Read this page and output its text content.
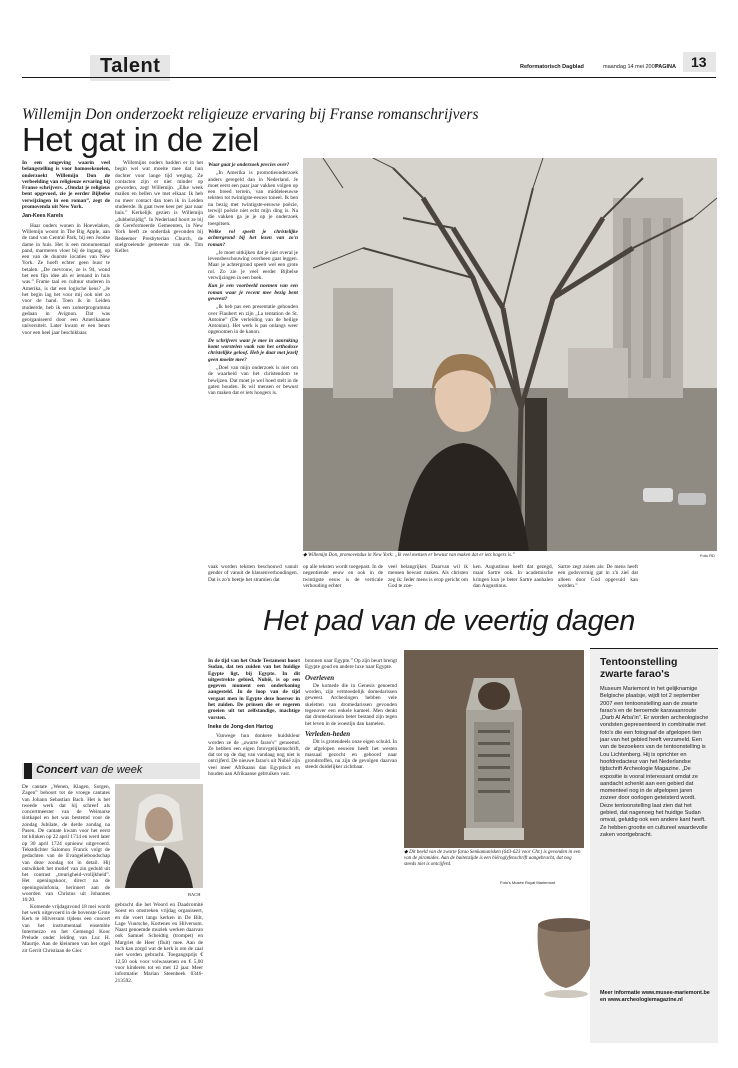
Talent	Reformatorisch Dagblad	maandag 14 mei 2007
PAGINA 13
Willemijn Don onderzoekt religieuze ervaring bij Franse romanschrijvers
Het gat in de ziel

In een omgeving waarin veel belangstelling is voor homoseksuelen, onderzoekt Willemijn Don de verbeelding van religieuze ervaring bij Franse schrijvers. „Omdat je religieus bent opgevoed, zie je eerder Bijbelse verwijzingen in een roman”, zegt de promovenda uit New York.

Jan-Kees Karels

Haar ouders wonen in Hoevelaken, Willemijn woont in The Big Apple, aan de rand van Central Park, bij een Joodse dame in huis. Het is een monumentaal pand, marmeren vloer bij de ingang, op een van de duurste locaties van New York. Ze hoeft echter geen huur te betalen. „De mevrouw, ze is 94, wond het een fijn idee als er iemand in huis was.” Frame taal en cultuur studeren in Amerika, is dat een logische keus? „Je het begin lag het voor mij ook niet zo voor de hand. Toen ik in Leiden studeerde, heb ik een zomerprogramma gedaan in Avignon. Dat was georganiseerd door een Amerikaanse universiteit. Later kwam er een beurs voor een heel jaar beschikbaar.

Willemijns ouders hadden er in het begin wel wat moeite mee dat hun dochter voor lange tijd weging. Ze contacten zijn er niet minder op geworden, zegt Willemijn. „Elke week mailen en bellen we met elkaar. Ik heb nu meer contact dan toen ik in Leiden studeerde. Ik gaat twee keer per jaar naar huis.” Kerkelijk gezien is Willemijn „dubbelzijdig”. In Nederland hoort ze bij de Gereformeerde Gemeenten, in New York heeft ze onderdak gevonden bij Redeemer Presbyterian Church, de snelgroeiende gemeente van de. Tim Keller.

Waar gaat je onderzoek precies over?

„In Amerika is promotieonderzoek anders geregeld dan in Nederland. Je moet eerst een paar jaar vakken volgen op een breed terrein, van middeleeuwse teksten tot twintigste-eeuws toneel. Ik ben nu bezig met twintigste-eeuwse poëzie, terwijl poëzie niet echt mijn ding is. Na die vakken ga je je op je onderzoek toespitsen.

Welke rol speelt je christelijke achtergrond bij het lezen van zo'n roman?

„Je moet uitkijken dat je niet overal je levensbeschouwing overheen gaat leggen. Maar je achtergrond speelt wel een grote rol. Zo zie je veel eerder Bijbelse verwijzingen in een boek.

Kun je een voorbeeld noemen van een roman waar je recent mee bezig bent geweest?

„Ik heb pas een presentatie gehouden over Flaubert en zijn „La tentation de St. Antoine” (De verleiding van de heilige Antonius). Het werk is pas onlangs weer opgenomen in de kanon.

De schrijvers waar je mee in aanraking komt worstelen vaak van het orthodoxe christelijke geloof. Heb je daar met jezelf geen moeite mee?

„Doel van mijn onderzoek is niet om de waarheid van het christendom te bewijzen. Dat moet je wel hoed stelt in de gaten houden. Ik wil mensen er bewust van maken dat er iets hoogers is.

◆ Willemijn Don, promovendus in New York: „Ik veel mensen er bewust van maken dat er iets hogers is.”	Foto RD
vaak worden teksten beschouwd vanuit gender of vanuit de klassenverhoudingen. Dat is zo'n beetje het stramien dat
op alle teksten wordt toegepast. In de negentiende eeuw en ook in de twintigste eeuw is de verticale verhouding echter
veel belangrijker. Daarvan wil ik mensen bewust maken. Als christen zeg ik: Ieder mens is erop gericht om God te zoe-
ken. Augustinus heeft dat gezegd, maar Sartre ook. In academische kringen kun je beter Sartre aanhalen dan Augustinus.
Sartre zegt zoiets als: De mens heeft een godsvormig gat in z'n ziel dat alleen door God opgevuld kan worden.”
Het pad van de veertig dagen

In de tijd van het Oude Testament hoort Sudan, dat ten zuiden van het huidige Egypte ligt, bij Egypte. In dit uitgestrekte gebied, Nubië, is op een gegeven moment een onderkoning aangesteld. In de loop van de tijd vergaat men in Egypte deze hoerser in het zuiden. De prinsen die er regeren groeien uit tot zelfstandige, machtige vorsten.

Ineke de Jong-den Hartog

Vanwege hun donkere huidskleur worden ze de „zwarte farao's” genoemd. Ze hebben een eigen fotovgelijkenschrift, dat tot op de dag van vandaag nog niet is ontcijferd. De nieuwe farao's uit Nubië zijn veel meer Afrikaans dan Egyptisch en houden aan Afrikaanse gebruiken vast.

bronnen naar Egypte.” Op zijn beurt brengt Egypte goud en andere luxe naar Egypte.

Overleven

De komede die in Genesis genoemd worden, zijn vermoedelijk domedarissen geweest. Archeologen hebben vele skeletten van dromedarissen gevonden tegenover een enkele kameel. Men denkt dat dromedarissen beter bestand zijn tegen het leven in de woestijn dan kamelen.

Verleden-heden

Dit is grotendeels onze eigen schuld. In de afgelopen eeuwen heeft het westen massaal gezocht en geboord naar grondstoffen, nu zijn de gevolgen daarvan steeds duidelijker zichtbaar.

◆ Dit beeld van de zwarte farao Senkamanisken (643-623 voor Chr.) is gevonden in een van de piramides. Aan de buitenzijde is een hiëroglyfenschrift aangebracht, dat nog steeds niet is ontcijferd.
Foto's Musée Royal Mariemont
Tentoonstelling zwarte farao's
Museum Mariemont in het gelijknamige Belgische plaatsje, wijdt tot 2 september 2007 een tentoonstelling aan de zwarte farao's en de beroemde karavaanroute „Darb Al Arba'in”. Er worden archeologische vondsten gepresenteerd in combinatie met foto's die een fotograaf de afgelopen tien jaar van het gebied heeft verzameld. Een van de bezoekers van de tentoonstelling is Lou Lichtenberg. Hij is oprichter en hoofdredacteur van het Nederlandse tijdschrift Archeologie Magazine. „De expositie is vooral interessant omdat ze aandacht schenkt aan een gebied dat momenteel nog in de afgelopen jaren zozeer door oorlogen geteisterd wordt. Deze tentoonstelling laat zien dat het gebied, dat nagenoeg het huidige Sudan omvat, geluidig ook een andere kant heeft. Ze hebben grootte en cultureel waardevolle zaken voortgebracht.
Meer informatie www.musee-mariemont.be en www.archeologiemagazine.nl
Concert van de week

De cantate „Wenen, Klagen, Sorgen, Zagen” behoort tot de vroege cantates van Johann Sebastian Bach. Het is het tweede werk dat hij schreef als concertmeester van de Weimarse slotkapel en het was bestemd voor de zondag Jubilate, de derde zondag na Pasen. De cantate kwam voor het eerst tot klinken op 22 april 1714 en werd later op 30 april 1724 opnieuw uitgevoerd. Tekstdichter Salomon Franck volgt de gedachten van de Evangelieboodschap van deze zondag tot in detail. Hij ontwikkelt het motief van zin geduld uit het contrast „treurigheid-vrolijkheid”. Het openingskoor, direct na de openingssinfonia, herinnert aan de woorden van Christus uit Johannes 16:20.

Komende vrijdagavond 18 mei wordt het werk uitgevoerd in de bovenste Grote Kerk te Hilversum tijdens een concert van het instrumentaal ensemble Intermezzo en het Gemengd Koor Prelude onder leiding van Luc H. Maurtje. Aan de kleinmen van het orgel zit Gerrit Christiaan de Gier.

BACH

gebracht die het Woord en Daadcomité Soest en omstreken vrijdag organiseert, en die voert langs kerken in De Bilt, Lage Vuursche, Kortenes en Hilversum. Naast genoemde muziek werken daarvan ook Samuel Scheidtig (trompet) en Margriet de Heer (fluit) mee. Aan de toch kan zorgd wat de kerk is om de zaal niet worden gebracht. Toegangsprijs € 12,50 ook voor volwassenen en € 5,00 voor kinderen tot en met 12 jaar. Meer informatie: Marian Steenbeek 0346-213592.
